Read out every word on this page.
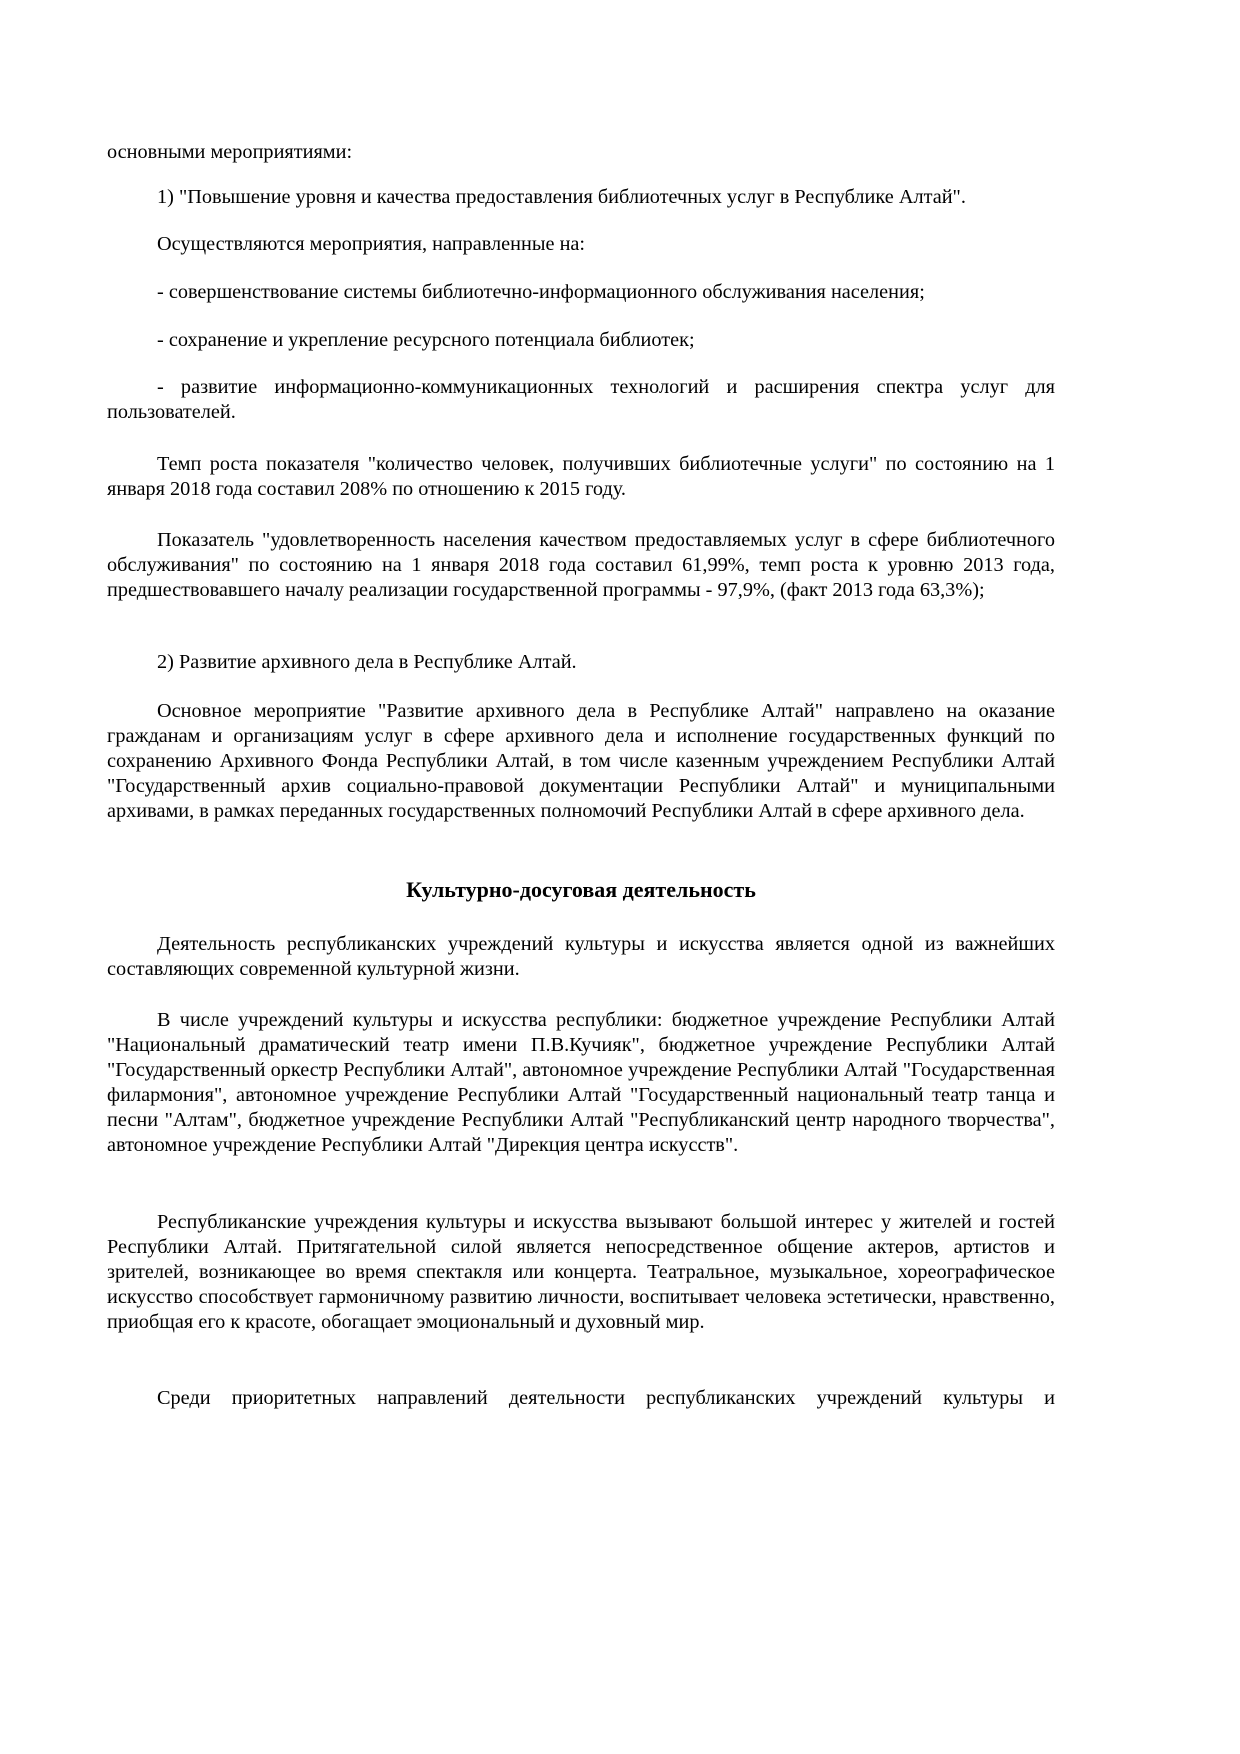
основными мероприятиями:

1) "Повышение уровня и качества предоставления библиотечных услуг в Республике Алтай".

Осуществляются мероприятия, направленные на:

- совершенствование системы библиотечно-информационного обслуживания населения;

- сохранение и укрепление ресурсного потенциала библиотек;

- развитие информационно-коммуникационных технологий и расширения спектра услуг для пользователей.

Темп роста показателя "количество человек, получивших библиотечные услуги" по состоянию на 1 января 2018 года составил 208% по отношению к 2015 году.

Показатель "удовлетворенность населения качеством предоставляемых услуг в сфере библиотечного обслуживания" по состоянию на 1 января 2018 года составил 61,99%, темп роста к уровню 2013 года, предшествовавшего началу реализации государственной программы - 97,9%, (факт 2013 года 63,3%);

2) Развитие архивного дела в Республике Алтай.

Основное мероприятие "Развитие архивного дела в Республике Алтай" направлено на оказание гражданам и организациям услуг в сфере архивного дела и исполнение государственных функций по сохранению Архивного Фонда Республики Алтай, в том числе казенным учреждением Республики Алтай "Государственный архив социально-правовой документации Республики Алтай" и муниципальными архивами, в рамках переданных государственных полномочий Республики Алтай в сфере архивного дела.

Культурно-досуговая деятельность

Деятельность республиканских учреждений культуры и искусства является одной из важнейших составляющих современной культурной жизни.

В числе учреждений культуры и искусства республики: бюджетное учреждение Республики Алтай "Национальный драматический театр имени П.В.Кучияк", бюджетное учреждение Республики Алтай "Государственный оркестр Республики Алтай", автономное учреждение Республики Алтай "Государственная филармония", автономное учреждение Республики Алтай "Государственный национальный театр танца и песни "Алтам", бюджетное учреждение Республики Алтай "Республиканский центр народного творчества", автономное учреждение Республики Алтай "Дирекция центра искусств".

Республиканские учреждения культуры и искусства вызывают большой интерес у жителей и гостей Республики Алтай. Притягательной силой является непосредственное общение актеров, артистов и зрителей, возникающее во время спектакля или концерта. Театральное, музыкальное, хореографическое искусство способствует гармоничному развитию личности, воспитывает человека эстетически, нравственно, приобщая его к красоте, обогащает эмоциональный и духовный мир.

Среди приоритетных направлений деятельности республиканских учреждений культуры и
